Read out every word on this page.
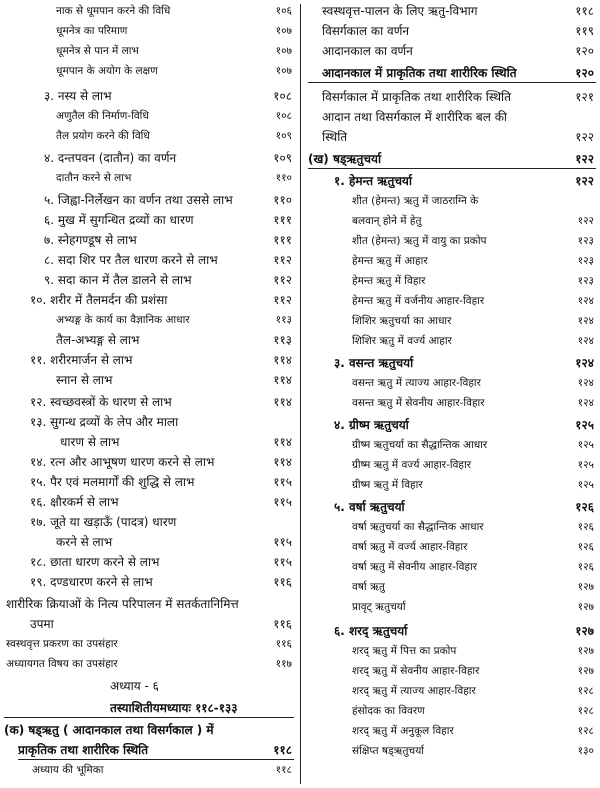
नाक से धूमपान करने की विधि	१०६
धूमनेत्र का परिमाण	१०७
धूमनेत्र से पान में लाभ	१०७
धूमपान के अयोग के लक्षण	१०७
३. नस्य से लाभ	१०८
अणुतैल की निर्माण-विधि	१०८
तैल प्रयोग करने की विधि	१०९
४. दन्तपवन (दातौन) का वर्णन	१०९
दातौन करने से लाभ	११०
५. जिह्वा-निर्लेखन का वर्णन तथा उससे लाभ	११०
६. मुख में सुगन्धित द्रव्यों का धारण	१११
७. स्नेहगण्डूष से लाभ	१११
८. सदा शिर पर तैल धारण करने से लाभ	११२
९. सदा कान में तैल डालने से लाभ	११२
१०. शरीर में तैलमर्दन की प्रशंसा	११२
अभ्यङ्ग के कार्य का वैज्ञानिक आधार	११३
तैल-अभ्यङ्ग से लाभ	११३
११. शरीरमार्जन से लाभ	११४
स्नान से लाभ	११४
१२. स्वच्छवस्त्रों के धारण से लाभ	११४
१३. सुगन्ध द्रव्यों के लेप और माला
धारण से लाभ	११४
१४. रत्न और आभूषण धारण करने से लाभ	११४
१५. पैर एवं मलमार्गों की शुद्धि से लाभ	११५
१६. क्षौरकर्म से लाभ	११५
१७. जूते या खड़ाऊँ (पादत्र) धारण
करने से लाभ	११५
१८. छाता धारण करने से लाभ	११५
१९. दण्डधारण करने से लाभ	११६
शारीरिक क्रियाओं के नित्य परिपालन में सतर्कतानिमित्त
उपमा	११६
स्वस्थवृत्त प्रकरण का उपसंहार	११६
अध्यायगत विषय का उपसंहार	११७
अध्याय - ६
तस्याशितीयमध्यायः ११८-१३३
(क) षड्ऋतु ( आदानकाल तथा विसर्गकाल ) में
प्राकृतिक तथा शारीरिक स्थिति	११८
अध्याय की भूमिका	११८
स्वस्थवृत्त-पालन के लिए ऋतु-विभाग	११८
विसर्गकाल का वर्णन	११९
आदानकाल का वर्णन	१२०
आदानकाल में प्राकृतिक तथा शारीरिक स्थिति	१२०
विसर्गकाल में प्राकृतिक तथा शारीरिक स्थिति	१२१
आदान तथा विसर्गकाल में शारीरिक बल की
स्थिति	१२२
(ख) षड्ऋतुचर्या	१२२
१. हेमन्त ऋतुचर्या	१२२
शीत (हेमन्त) ऋतु में जाठराग्नि के
बलवान् होने में हेतु	१२२
शीत (हेमन्त) ऋतु में वायु का प्रकोप	१२३
हेमन्त ऋतु में आहार	१२३
हेमन्त ऋतु में विहार	१२३
हेमन्त ऋतु में वर्जनीय आहार-विहार	१२४
शिशिर ऋतुचर्या का आधार	१२४
शिशिर ऋतु में वर्ज्य आहार	१२४
३. वसन्त ऋतुचर्या	१२४
वसन्त ऋतु में त्याज्य आहार-विहार	१२४
वसन्त ऋतु में सेवनीय आहार-विहार	१२४
४. ग्रीष्म ऋतुचर्या	१२५
ग्रीष्म ऋतुचर्या का सैद्धान्तिक आधार	१२५
ग्रीष्म ऋतु में वर्ज्य आहार-विहार	१२५
ग्रीष्म ऋतु में विहार	१२५
५. वर्षा ऋतुचर्या	१२६
वर्षा ऋतुचर्या का सैद्धान्तिक आधार	१२६
वर्षा ऋतु में वर्ज्य आहार-विहार	१२६
वर्षा ऋतु में सेवनीय आहार-विहार	१२६
वर्षा ऋतु	१२७
प्रावृट् ऋतुचर्या	१२७
६. शरद् ऋतुचर्या	१२७
शरद् ऋतु में पित्त का प्रकोप	१२७
शरद् ऋतु में सेवनीय आहार-विहार	१२७
शरद् ऋतु में त्याज्य आहार-विहार	१२८
हंसोदक का विवरण	१२८
शरद् ऋतु में अनुकूल विहार	१२८
संक्षिप्त षड्ऋतुचर्या	१३०
